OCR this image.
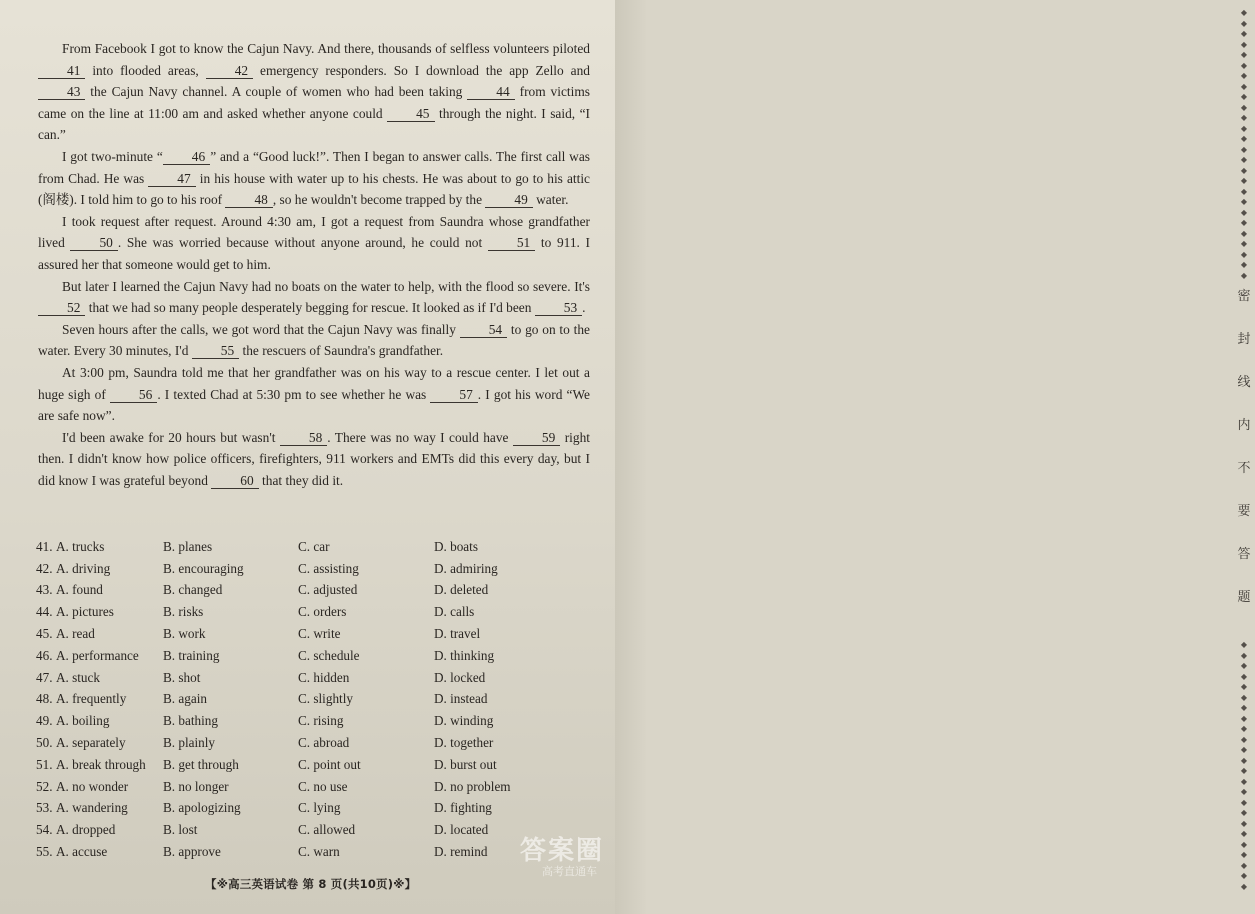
From Facebook I got to know the Cajun Navy. And there, thousands of selfless volunteers piloted 41 into flooded areas, 42 emergency responders. So I download the app Zello and 43 the Cajun Navy channel. A couple of women who had been taking 44 from victims came on the line at 11:00 am and asked whether anyone could 45 through the night. I said, “I can.”

I got two-minute “ 46 ” and a “Good luck!”. Then I began to answer calls. The first call was from Chad. He was 47 in his house with water up to his chests. He was about to go to his attic (阁楼). I told him to go to his roof 48 , so he wouldn't become trapped by the 49 water.

I took request after request. Around 4:30 am, I got a request from Saundra whose grandfather lived 50 . She was worried because without anyone around, he could not 51 to 911. I assured her that someone would get to him.

But later I learned the Cajun Navy had no boats on the water to help, with the flood so severe. It's 52 that we had so many people desperately begging for rescue. It looked as if I'd been 53 .

Seven hours after the calls, we got word that the Cajun Navy was finally 54 to go on to the water. Every 30 minutes, I'd 55 the rescuers of Saundra's grandfather.

At 3:00 pm, Saundra told me that her grandfather was on his way to a rescue center. I let out a huge sigh of 56 . I texted Chad at 5:30 pm to see whether he was 57 . I got his word “We are safe now”.

I'd been awake for 20 hours but wasn't 58 . There was no way I could have 59 right then. I didn't know how police officers, firefighters, 911 workers and EMTs did this every day, but I did know I was grateful beyond 60 that they did it.

41. A. trucks	B. planes	C. car	D. boats
42. A. driving	B. encouraging	C. assisting	D. admiring
43. A. found	B. changed	C. adjusted	D. deleted
44. A. pictures	B. risks	C. orders	D. calls
45. A. read	B. work	C. write	D. travel
46. A. performance	B. training	C. schedule	D. thinking
47. A. stuck	B. shot	C. hidden	D. locked
48. A. frequently	B. again	C. slightly	D. instead
49. A. boiling	B. bathing	C. rising	D. winding
50. A. separately	B. plainly	C. abroad	D. together
51. A. break through	B. get through	C. point out	D. burst out
52. A. no wonder	B. no longer	C. no use	D. no problem
53. A. wandering	B. apologizing	C. lying	D. fighting
54. A. dropped	B. lost	C. allowed	D. located
55. A. accuse	B. approve	C. warn	D. remind
【※高三英语试卷 第 8 页(共10页)※】
◆
◆
◆
◆
◆
◆
◆
◆
◆
◆
◆
◆
◆
◆
◆
◆
◆
◆
◆
◆
◆
◆
◆
◆
◆
◆
密
封
线
内
不
要
答
题
◆
◆
◆
◆
◆
◆
◆
◆
◆
◆
◆
◆
◆
◆
◆
◆
◆
◆
◆
◆
◆
◆
◆
◆
答案圈
高考直通车
